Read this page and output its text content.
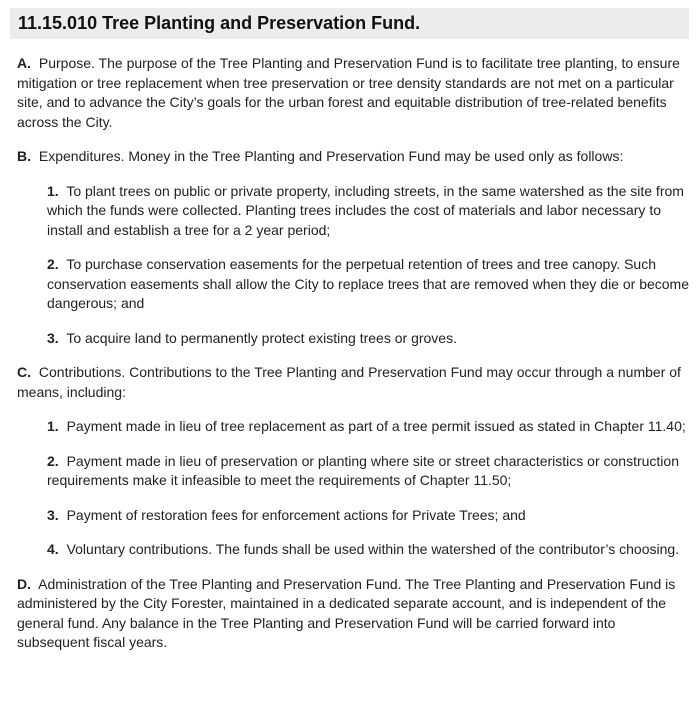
11.15.010 Tree Planting and Preservation Fund.

A. Purpose. The purpose of the Tree Planting and Preservation Fund is to facilitate tree planting, to ensure mitigation or tree replacement when tree preservation or tree density standards are not met on a particular site, and to advance the City’s goals for the urban forest and equitable distribution of tree-related benefits across the City.

B. Expenditures. Money in the Tree Planting and Preservation Fund may be used only as follows:

1. To plant trees on public or private property, including streets, in the same watershed as the site from which the funds were collected. Planting trees includes the cost of materials and labor necessary to install and establish a tree for a 2 year period;

2. To purchase conservation easements for the perpetual retention of trees and tree canopy. Such conservation easements shall allow the City to replace trees that are removed when they die or become dangerous; and

3. To acquire land to permanently protect existing trees or groves.

C. Contributions. Contributions to the Tree Planting and Preservation Fund may occur through a number of means, including:

1. Payment made in lieu of tree replacement as part of a tree permit issued as stated in Chapter 11.40;

2. Payment made in lieu of preservation or planting where site or street characteristics or construction requirements make it infeasible to meet the requirements of Chapter 11.50;

3. Payment of restoration fees for enforcement actions for Private Trees; and

4. Voluntary contributions. The funds shall be used within the watershed of the contributor’s choosing.

D. Administration of the Tree Planting and Preservation Fund. The Tree Planting and Preservation Fund is administered by the City Forester, maintained in a dedicated separate account, and is independent of the general fund. Any balance in the Tree Planting and Preservation Fund will be carried forward into subsequent fiscal years.
